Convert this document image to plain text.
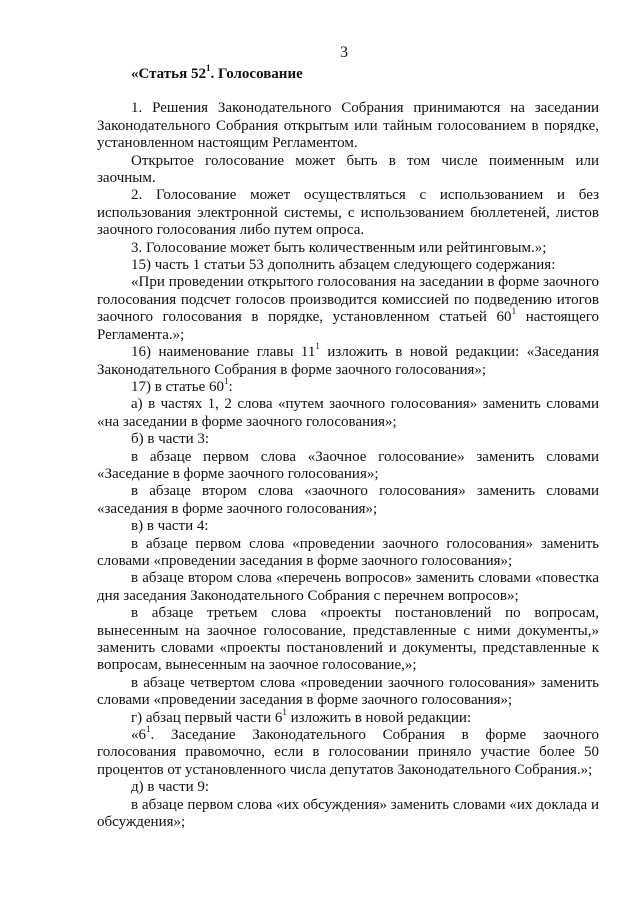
3
«Статья $52^1$. Голосование

1. Решения Законодательного Собрания принимаются на заседании Законодательного Собрания открытым или тайным голосованием в порядке, установленном настоящим Регламентом.

Открытое голосование может быть в том числе поименным или заочным.

2. Голосование может осуществляться с использованием и без использования электронной системы, с использованием бюллетеней, листов заочного голосования либо путем опроса.

3. Голосование может быть количественным или рейтинговым.»;

15) часть 1 статьи 53 дополнить абзацем следующего содержания:

«При проведении открытого голосования на заседании в форме заочного голосования подсчет голосов производится комиссией по подведению итогов заочного голосования в порядке, установленном статьей $60^1$ настоящего Регламента.»;

16) наименование главы $11^1$ изложить в новой редакции: «Заседания Законодательного Собрания в форме заочного голосования»;

17) в статье $60^1$:

а) в частях 1, 2 слова «путем заочного голосования» заменить словами «на заседании в форме заочного голосования»;

б) в части 3:

в абзаце первом слова «Заочное голосование» заменить словами «Заседание в форме заочного голосования»;

в абзаце втором слова «заочного голосования» заменить словами «заседания в форме заочного голосования»;

в) в части 4:

в абзаце первом слова «проведении заочного голосования» заменить словами «проведении заседания в форме заочного голосования»;

в абзаце втором слова «перечень вопросов» заменить словами «повестка дня заседания Законодательного Собрания с перечнем вопросов»;

в абзаце третьем слова «проекты постановлений по вопросам, вынесенным на заочное голосование, представленные с ними документы,» заменить словами «проекты постановлений и документы, представленные к вопросам, вынесенным на заочное голосование,»;

в абзаце четвертом слова «проведении заочного голосования» заменить словами «проведении заседания в форме заочного голосования»;

г) абзац первый части $6^1$ изложить в новой редакции:

«$6^1$. Заседание Законодательного Собрания в форме заочного голосования правомочно, если в голосовании приняло участие более 50 процентов от установленного числа депутатов Законодательного Собрания.»;

д) в части 9:

в абзаце первом слова «их обсуждения» заменить словами «их доклада и обсуждения»;
